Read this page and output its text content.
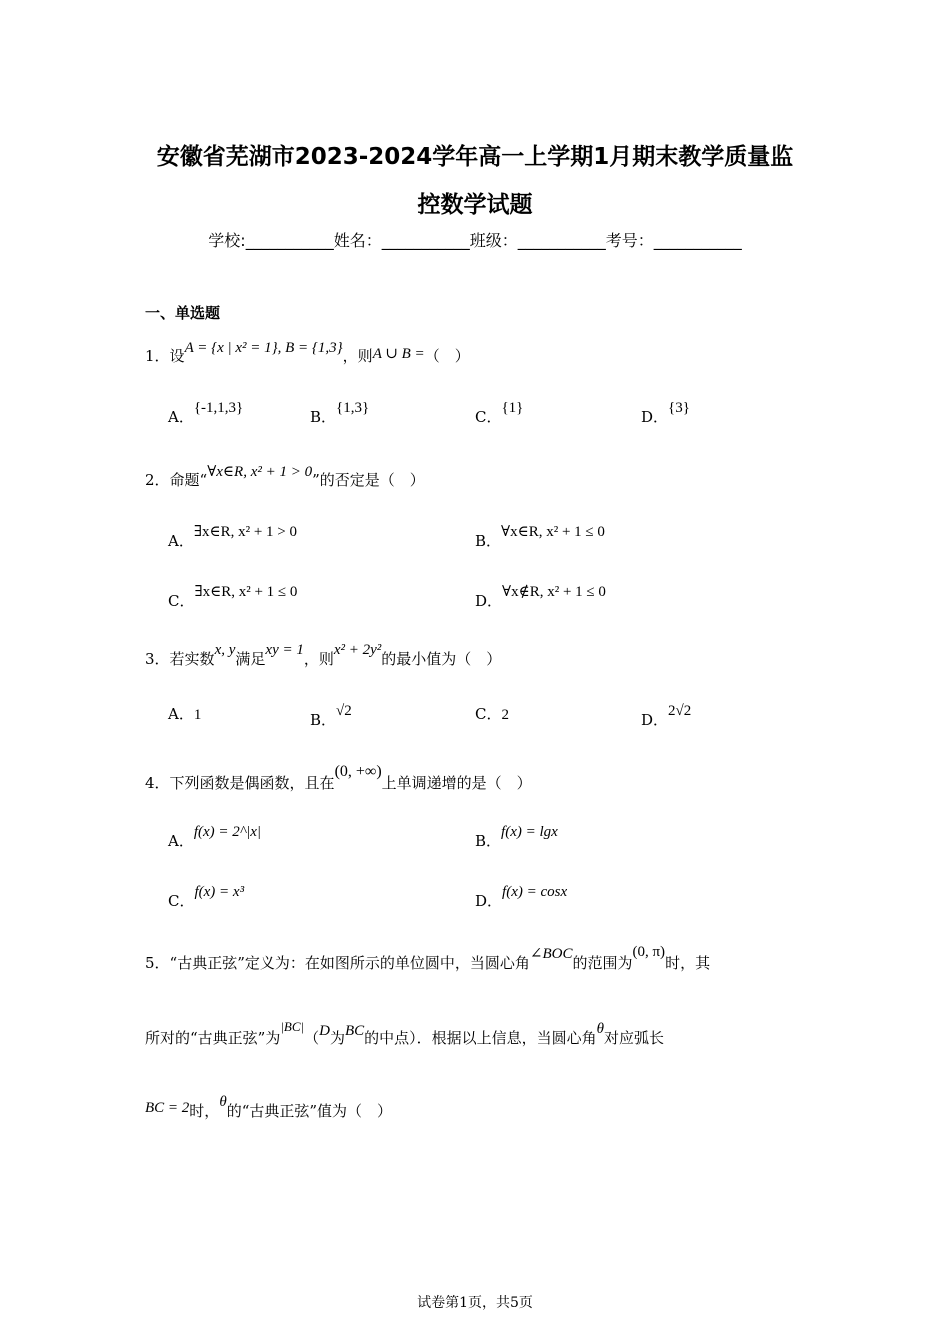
安徽省芜湖市2023-2024学年高一上学期1月期末教学质量监
控数学试题
学校:___________姓名：___________班级：___________考号：___________
一、单选题
1．设A = {x | x² = 1}, B = {1,3}，则A ∪ B =（　）
A．{-1,1,3}	B．{1,3}	C．{1}	D．{3}
2．命题“∀x∈R, x² + 1 > 0”的否定是（　）
A．∃x∈R, x² + 1 > 0	B．∀x∈R, x² + 1 ≤ 0
C．∃x∈R, x² + 1 ≤ 0	D．∀x∉R, x² + 1 ≤ 0
3．若实数x, y满足xy = 1，则x² + 2y²的最小值为（　）
A．1	B．√2	C．2	D．2√2
4．下列函数是偶函数，且在(0, +∞)上单调递增的是（　）
A．f(x) = 2^|x|	B．f(x) = lgx
C．f(x) = x³	D．f(x) = cosx
5．“古典正弦”定义为：在如图所示的单位圆中，当圆心角∠BOC的范围为(0, π)时，其
所对的“古典正弦”为|BC|（D为BC的中点）．根据以上信息，当圆心角θ对应弧长
BC = 2时，θ的“古典正弦”值为（　）
试卷第1页，共5页
